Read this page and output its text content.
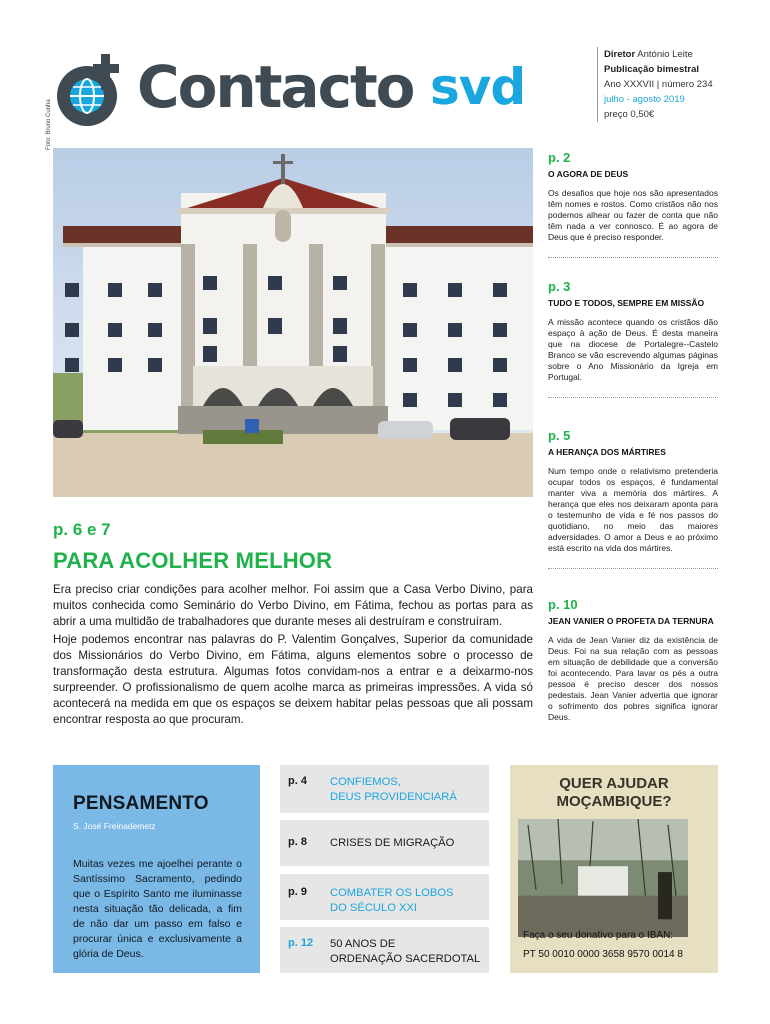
Contacto svd
Diretor António Leite
Publicação bimestral
Ano XXXVII | número 234
julho - agosto 2019
preço 0,50€
Foto: Bruno Cunha
p. 2
O AGORA DE DEUS
Os desafios que hoje nos são apresentados têm nomes e rostos. Como cristãos não nos podemos alhear ou fazer de conta que não têm nada a ver connosco. É ao agora de Deus que é preciso responder.
p. 3
TUDO E TODOS, SEMPRE EM MISSÃO
A missão acontece quando os cristãos dão espaço à ação de Deus. É desta maneira que na diocese de Portalegre--Castelo Branco se vão escrevendo algumas páginas sobre o Ano Missionário da Igreja em Portugal.
p. 5
A HERANÇA DOS MÁRTIRES
Num tempo onde o relativismo pretenderia ocupar todos os espaços, é fundamental manter viva a memória dos mártires. A herança que eles nos deixaram aponta para o testemunho de vida e fé nos passos do quotidiano, no meio das maiores adversidades. O amor a Deus e ao próximo está escrito na vida dos mártires.
p. 10
JEAN VANIER O PROFETA DA TERNURA
A vida de Jean Vanier diz da existência de Deus. Foi na sua relação com as pessoas em situação de debilidade que a conversão foi acontecendo. Para lavar os pés a outra pessoa é preciso descer dos nossos pedestais. Jean Vanier advertia que ignorar o sofrimento dos pobres significa ignorar Deus.
p. 6 e 7
PARA ACOLHER MELHOR

Era preciso criar condições para acolher melhor. Foi assim que a Casa Verbo Divino, para muitos conhecida como Seminário do Verbo Divino, em Fátima, fechou as portas para as abrir a uma multidão de trabalhadores que durante meses ali destruíram e construíram.

Hoje podemos encontrar nas palavras do P. Valentim Gonçalves, Superior da comunidade dos Missionários do Verbo Divino, em Fátima, alguns elementos sobre o processo de transformação desta estrutura. Algumas fotos convidam-nos a entrar e a deixarmo-nos surpreender. O profissionalismo de quem acolhe marca as primeiras impressões. A vida só acontecerá na medida em que os espaços se deixem habitar pelas pessoas que ali possam encontrar resposta ao que procuram.

PENSAMENTO
S. José Freinademetz
Muitas vezes me ajoelhei perante o Santíssimo Sacramento, pedindo que o Espírito Santo me iluminasse nesta situação tão delicada, a fim de não dar um passo em falso e procurar única e exclusivamente a glória de Deus.
p. 4 CONFIEMOS,
DEUS PROVIDENCIARÁ
p. 8 CRISES DE MIGRAÇÃO
p. 9 COMBATER OS LOBOS
DO SÉCULO XXI
p. 12 50 ANOS DE
ORDENAÇÃO SACERDOTAL
QUER AJUDAR
MOÇAMBIQUE?
Faça o seu donativo para o IBAN:
PT 50 0010 0000 3658 9570 0014 8
